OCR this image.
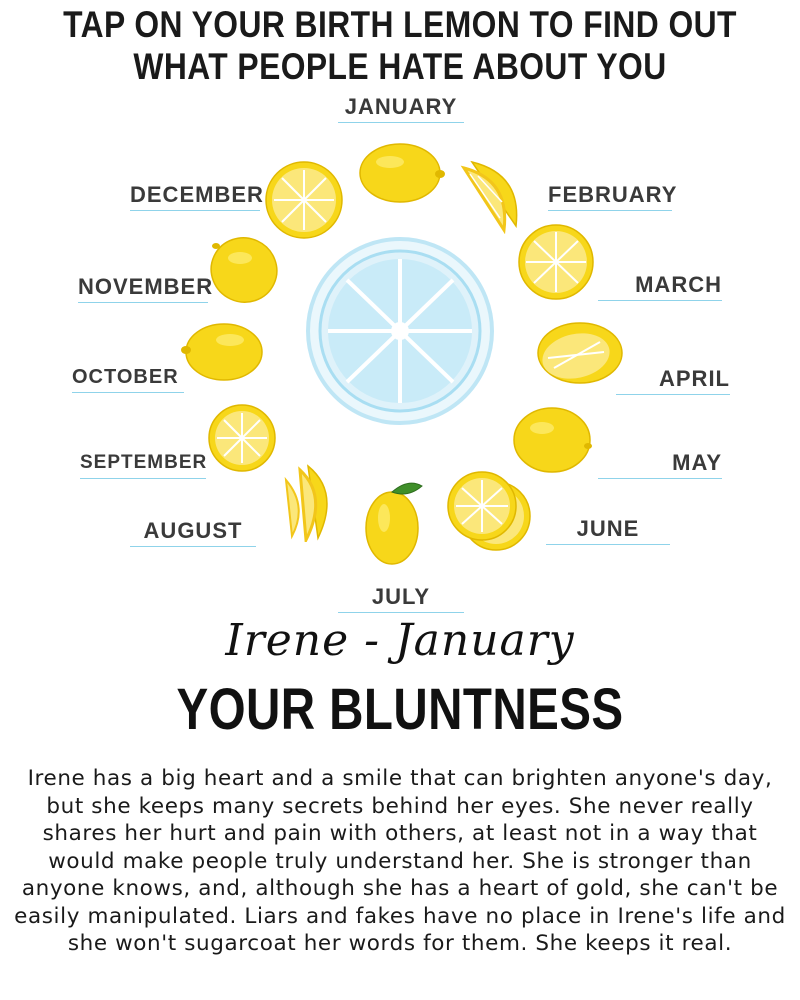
TAP ON YOUR BIRTH LEMON TO FIND OUT
WHAT PEOPLE HATE ABOUT YOU
JANUARY
FEBRUARY
MARCH
APRIL
MAY
JUNE
JULY
AUGUST
SEPTEMBER
OCTOBER
NOVEMBER
DECEMBER
Irene - January
YOUR BLUNTNESS
Irene has a big heart and a smile that can brighten anyone's day, but she keeps many secrets behind her eyes. She never really shares her hurt and pain with others, at least not in a way that would make people truly understand her. She is stronger than anyone knows, and, although she has a heart of gold, she can't be easily manipulated. Liars and fakes have no place in Irene's life and she won't sugarcoat her words for them. She keeps it real.
